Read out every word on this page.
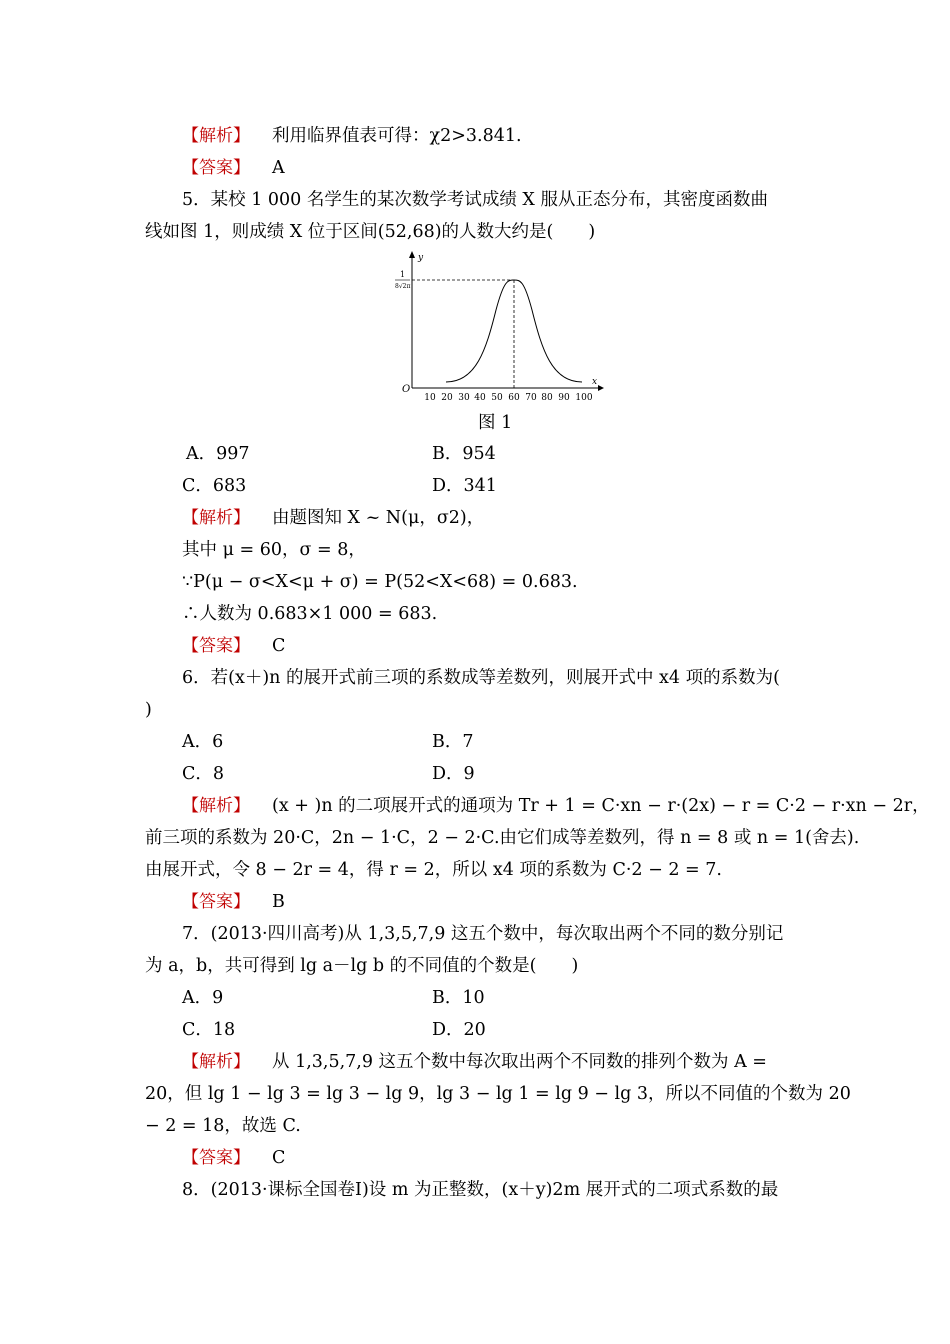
【解析】 利用临界值表可得：χ2>3.841.
【答案】 A
5．某校 1 000 名学生的某次数学考试成绩 X 服从正态分布，其密度函数曲
线如图 1，则成绩 X 位于区间(52,68)的人数大约是(　　)
y
x
O
1
8√2π
10 20 30 40 50 60 70 80 90 100
图 1
A．997	B．954
C．683	D．341
【解析】 由题图知 X ~ N(μ，σ2)，
其中 μ = 60，σ = 8，
∵P(μ − σ<X<μ + σ) = P(52<X<68) = 0.683.
∴人数为 0.683×1 000 = 683.
【答案】 C
6．若(x＋)n 的展开式前三项的系数成等差数列，则展开式中 x4 项的系数为(
)
A．6	B．7
C．8	D．9
【解析】 (x + )n 的二项展开式的通项为 Tr + 1 = C·xn − r·(2x) − r = C·2 − r·xn − 2r，
前三项的系数为 20·C，2n − 1·C，2 − 2·C.由它们成等差数列，得 n = 8 或 n = 1(舍去).
由展开式，令 8 − 2r = 4，得 r = 2，所以 x4 项的系数为 C·2 − 2 = 7.
【答案】 B
7．(2013·四川高考)从 1,3,5,7,9 这五个数中，每次取出两个不同的数分别记
为 a，b，共可得到 lg a－lg b 的不同值的个数是(　　)
A．9	B．10
C．18	D．20
【解析】 从 1,3,5,7,9 这五个数中每次取出两个不同数的排列个数为 A =
20，但 lg 1 − lg 3 = lg 3 − lg 9，lg 3 − lg 1 = lg 9 − lg 3，所以不同值的个数为 20
− 2 = 18，故选 C.
【答案】 C
8．(2013·课标全国卷Ⅰ)设 m 为正整数，(x＋y)2m 展开式的二项式系数的最
